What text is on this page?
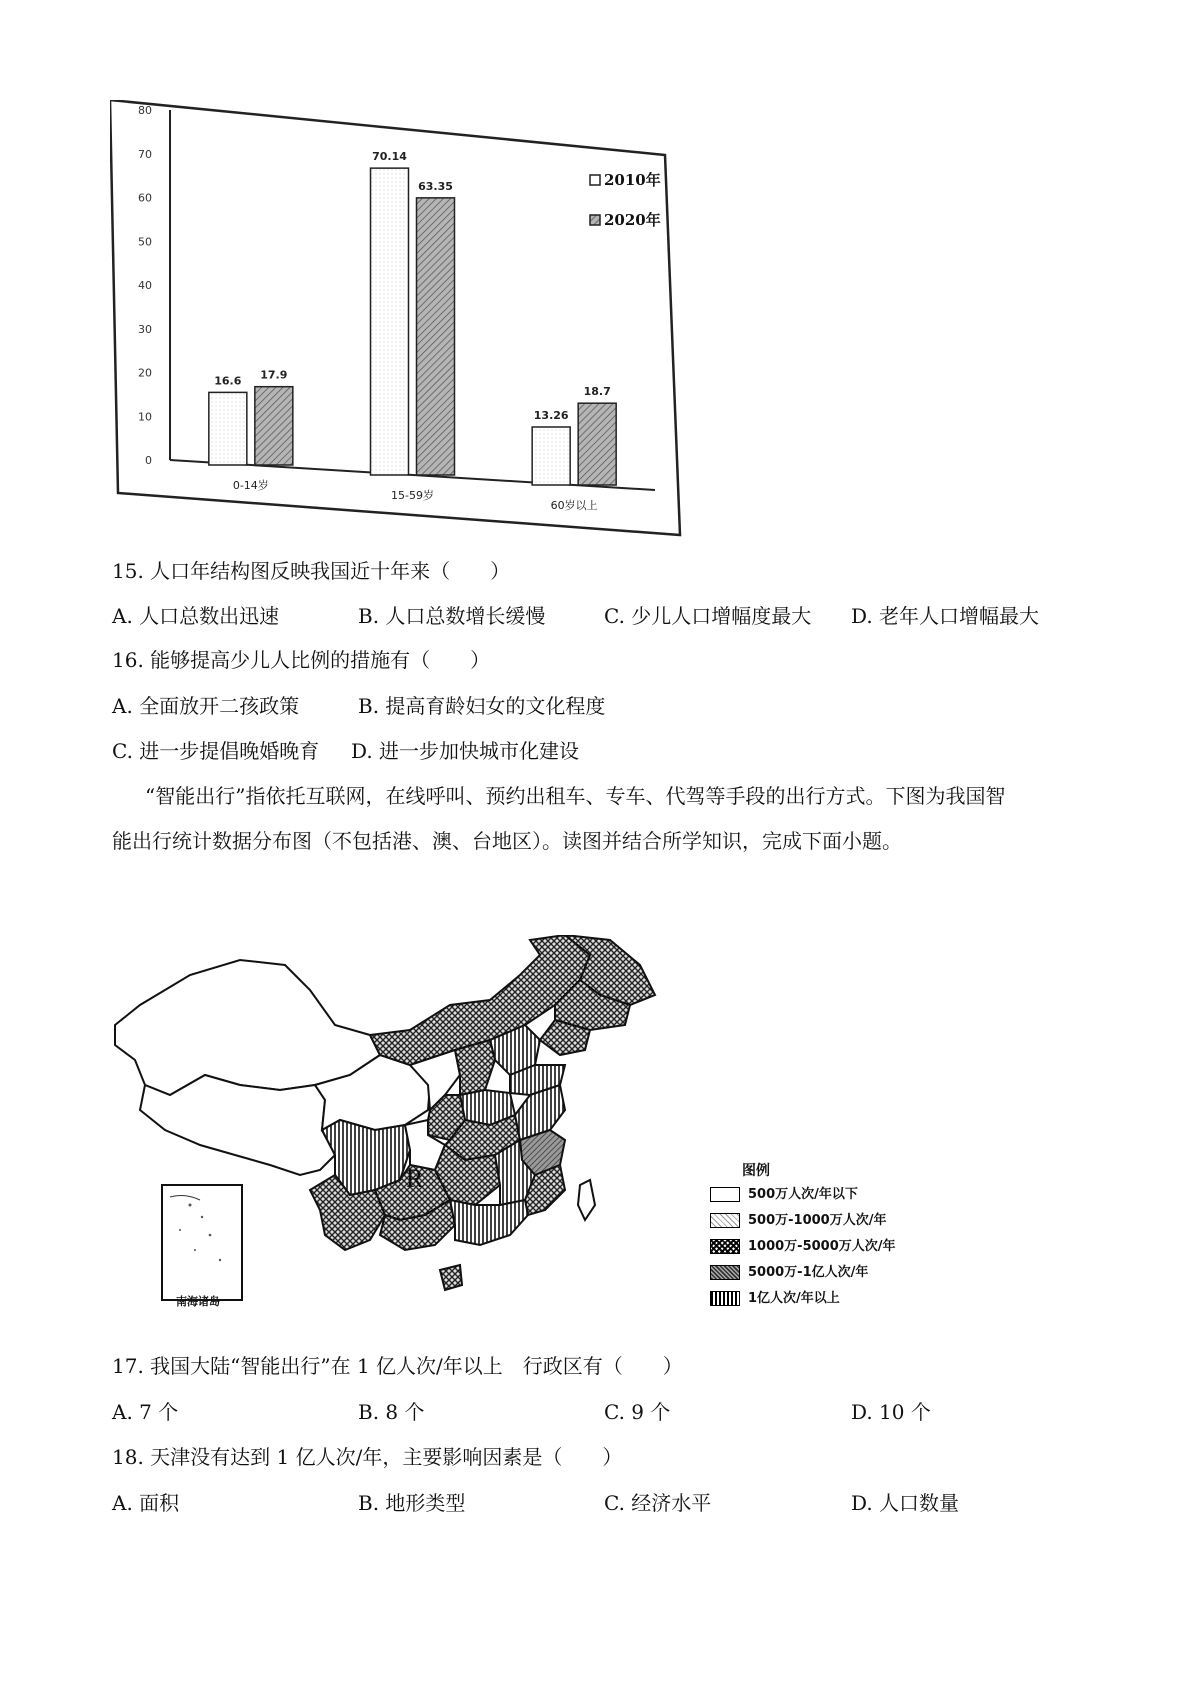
0
10
20
30
40
50
60
70
80
16.6 17.9
0-14岁
70.14
63.35
15-59岁
13.26
18.7
60岁以上
2010年
2020年
15. 人口年结构图反映我国近十年来（　　）
A. 人口总数出迅速	B. 人口总数增长缓慢	C. 少儿人口增幅度最大 D. 老年人口增幅最大
16. 能够提高少儿人比例的措施有（　　）
A. 全面放开二孩政策	B. 提高育龄妇女的文化程度
C. 进一步提倡晚婚晚育 D. 进一步加快城市化建设
“智能出行”指依托互联网，在线呼叫、预约出租车、专车、代驾等手段的出行方式。下图为我国智
能出行统计数据分布图（不包括港、澳、台地区）。读图并结合所学知识，完成下面小题。
R
南海诸岛
图例
500万人次/年以下
500万-1000万人次/年
1000万-5000万人次/年
5000万-1亿人次/年
1亿人次/年以上
17. 我国大陆“智能出行”在 1 亿人次/年以上　行政区有（　　）
A. 7 个	B. 8 个	C. 9 个	D. 10 个
18. 天津没有达到 1 亿人次/年，主要影响因素是（　　）
A. 面积	B. 地形类型	C. 经济水平	D. 人口数量
